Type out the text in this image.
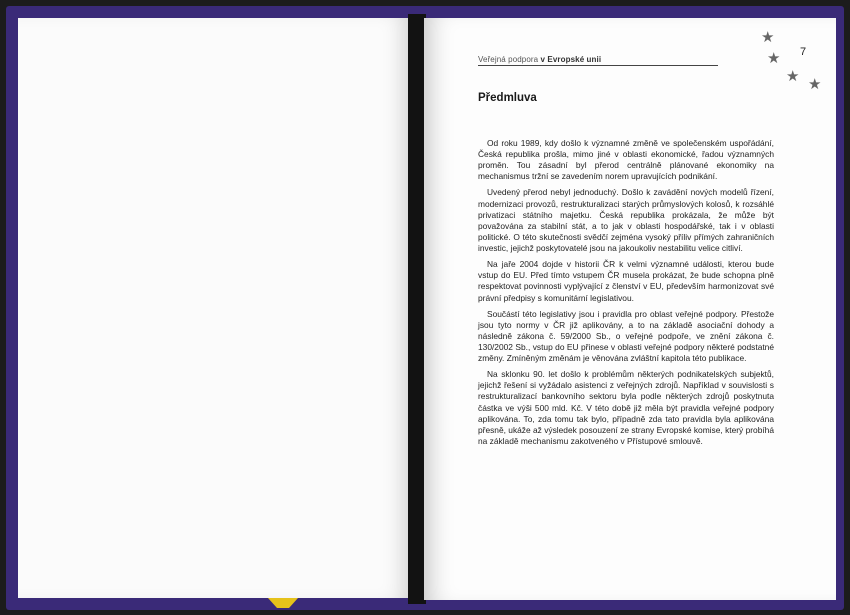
Veřejná podpora v Evropské unii
7
★
★
★ ★
Předmluva

Od roku 1989, kdy došlo k významné změně ve společenském uspořádání, Česká republika prošla, mimo jiné v oblasti ekonomické, řadou významných proměn. Tou zásadní byl přerod centrálně plánované ekonomiky na mechanismus tržní se zavedením norem upravujících podnikání.

Uvedený přerod nebyl jednoduchý. Došlo k zavádění nových modelů řízení, modernizaci provozů, restrukturalizaci starých průmyslových kolosů, k rozsáhlé privatizaci státního majetku. Česká republika prokázala, že může být považována za stabilní stát, a to jak v oblasti hospodářské, tak i v oblasti politické. O této skutečnosti svědčí zejména vysoký příliv přímých zahraničních investic, jejichž poskytovatelé jsou na jakoukoliv nestabilitu velice citliví.

Na jaře 2004 dojde v historii ČR k velmi významné události, kterou bude vstup do EU. Před tímto vstupem ČR musela prokázat, že bude schopna plně respektovat povinnosti vyplývající z členství v EU, především harmonizovat své právní předpisy s komunitární legislativou.

Součástí této legislativy jsou i pravidla pro oblast veřejné podpory. Přestože jsou tyto normy v ČR již aplikovány, a to na základě asociační dohody a následně zákona č. 59/2000 Sb., o veřejné podpoře, ve znění zákona č. 130/2002 Sb., vstup do EU přinese v oblasti veřejné podpory některé podstatné změny. Zmíněným změnám je věnována zvláštní kapitola této publikace.

Na sklonku 90. let došlo k problémům některých podnikatelských subjektů, jejichž řešení si vyžádalo asistenci z veřejných zdrojů. Například v souvislosti s restrukturalizací bankovního sektoru byla podle některých zdrojů poskytnuta částka ve výši 500 mld. Kč. V této době již měla být pravidla veřejné podpory aplikována. To, zda tomu tak bylo, případně zda tato pravidla byla aplikována přesně, ukáže až výsledek posouzení ze strany Evropské komise, který probíhá na základě mechanismu zakotveného v Přístupové smlouvě.
